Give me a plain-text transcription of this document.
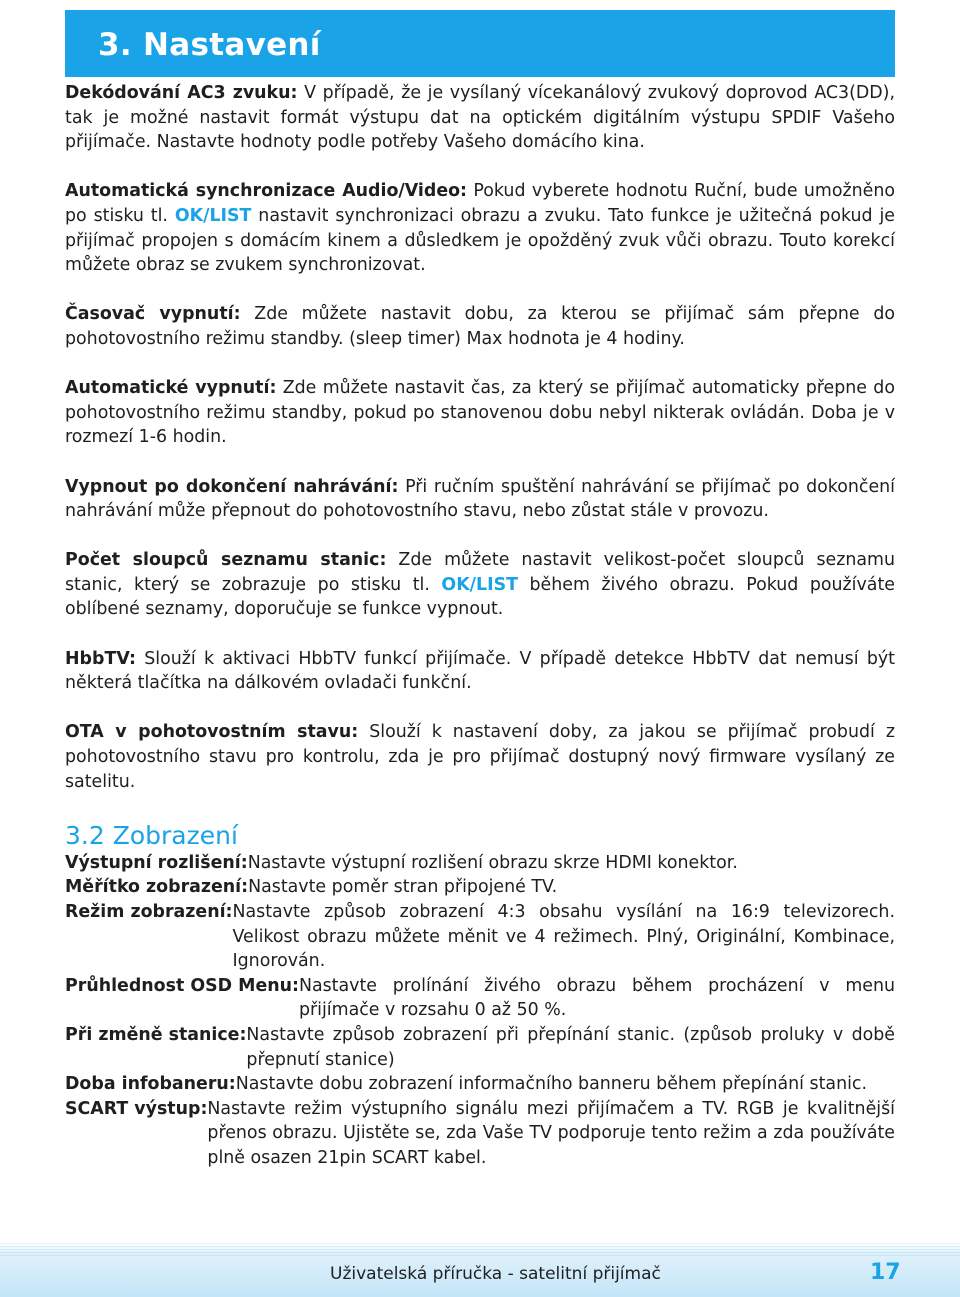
3. Nastavení

Dekódování AC3 zvuku: V případě, že je vysílaný vícekanálový zvukový doprovod AC3(DD), tak je možné nastavit formát výstupu dat na optickém digitálním výstupu SPDIF Vašeho přijímače. Nastavte hodnoty podle potřeby Vašeho domácího kina.

Automatická synchronizace Audio/Video: Pokud vyberete hodnotu Ruční, bude umožněno po stisku tl. OK/LIST nastavit synchronizaci obrazu a zvuku. Tato funkce je užitečná pokud je přijímač propojen s domácím kinem a důsledkem je opožděný zvuk vůči obrazu. Touto korekcí můžete obraz se zvukem synchronizovat.

Časovač vypnutí: Zde můžete nastavit dobu, za kterou se přijímač sám přepne do pohotovostního režimu standby. (sleep timer) Max hodnota je 4 hodiny.

Automatické vypnutí: Zde můžete nastavit čas, za který se přijímač automaticky přepne do pohotovostního režimu standby, pokud po stanovenou dobu nebyl nikterak ovládán. Doba je v rozmezí 1-6 hodin.

Vypnout po dokončení nahrávání: Při ručním spuštění nahrávání se přijímač po dokončení nahrávání může přepnout do pohotovostního stavu, nebo zůstat stále v provozu.

Počet sloupců seznamu stanic: Zde můžete nastavit velikost-počet sloupců seznamu stanic, který se zobrazuje po stisku tl. OK/LIST během živého obrazu. Pokud používáte oblíbené seznamy, doporučuje se funkce vypnout.

HbbTV: Slouží k aktivaci HbbTV funkcí přijímače. V případě detekce HbbTV dat nemusí být některá tlačítka na dálkovém ovladači funkční.

OTA v pohotovostním stavu: Slouží k nastavení doby, za jakou se přijímač probudí z pohotovostního stavu pro kontrolu, zda je pro přijímač dostupný nový firmware vysílaný ze satelitu.

3.2 Zobrazení
Výstupní rozlišení: Nastavte výstupní rozlišení obrazu skrze HDMI konektor.
Měřítko zobrazení: Nastavte poměr stran připojené TV.
Režim zobrazení: Nastavte způsob zobrazení 4:3 obsahu vysílání na 16:9 televizorech. Velikost obrazu můžete měnit ve 4 režimech. Plný, Originální, Kombinace, Ignorován.
Průhlednost OSD Menu: Nastavte prolínání živého obrazu během procházení v menu přijímače v rozsahu 0 až 50 %.
Při změně stanice: Nastavte způsob zobrazení při přepínání stanic. (způsob proluky v době přepnutí stanice)
Doba infobaneru: Nastavte dobu zobrazení informačního banneru během přepínání stanic.
SCART výstup: Nastavte režim výstupního signálu mezi přijímačem a TV. RGB je kvalitnější přenos obrazu. Ujistěte se, zda Vaše TV podporuje tento režim a zda používáte plně osazen 21pin SCART kabel.
Uživatelská příručka - satelitní přijímač	17
